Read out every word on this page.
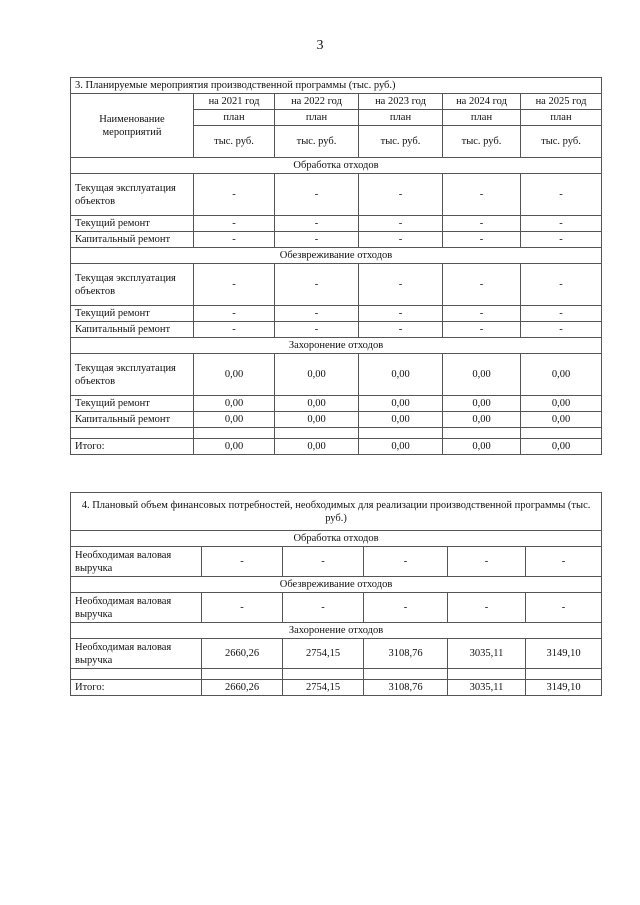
3
3. Планируемые мероприятия производственной программы (тыс. руб.)					
Наименование мероприятий	на 2021 год	на 2022 год	на 2023 год	на 2024 год	на 2025 год
	план	план	план	план	план
	тыс. руб.	тыс. руб.	тыс. руб.	тыс. руб.	тыс. руб.
Обработка отходов					
Текущая эксплуатация объектов	-	-	-	-	-
Текущий ремонт	-	-	-	-	-
Капитальный ремонт	-	-	-	-	-
Обезвреживание отходов					
Текущая эксплуатация объектов	-	-	-	-	-
Текущий ремонт	-	-	-	-	-
Капитальный ремонт	-	-	-	-	-
Захоронение отходов					
Текущая эксплуатация объектов	0,00	0,00	0,00	0,00	0,00
Текущий ремонт	0,00	0,00	0,00	0,00	0,00
Капитальный ремонт	0,00	0,00	0,00	0,00	0,00

Итого:	0,00	0,00	0,00	0,00	0,00
4. Плановый объем финансовых потребностей, необходимых для реализации производственной программы (тыс. руб.)					
Обработка отходов					
Необходимая валовая выручка	-	-	-	-	-
Обезвреживание отходов					
Необходимая валовая выручка	-	-	-	-	-
Захоронение отходов					
Необходимая валовая выручка	2660,26	2754,15	3108,76	3035,11	3149,10

Итого:	2660,26	2754,15	3108,76	3035,11	3149,10
